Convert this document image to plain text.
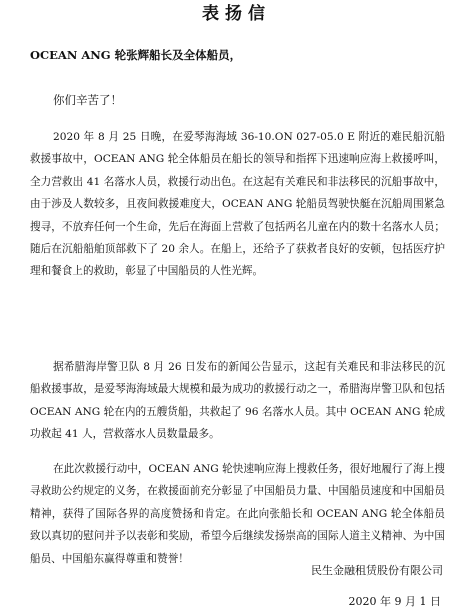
表扬信
OCEAN ANG 轮张辉船长及全体船员，
你们辛苦了！

2020 年 8 月 25 日晚，在爱琴海海域 36-10.ON 027-05.0 E 附近的难民船沉船救援事故中，OCEAN ANG 轮全体船员在船长的领导和指挥下迅速响应海上救援呼叫，全力营救出 41 名落水人员，救援行动出色。在这起有关难民和非法移民的沉船事故中，由于涉及人数较多，且夜间救援难度大，OCEAN ANG 轮船员驾驶快艇在沉船周围紧急搜寻，不放弃任何一个生命，先后在海面上营救了包括两名儿童在内的数十名落水人员；随后在沉船船舶顶部救下了 20 余人。在船上，还给予了获救者良好的安顿，包括医疗护理和餐食上的救助，彰显了中国船员的人性光辉。

据希腊海岸警卫队 8 月 26 日发布的新闻公告显示，这起有关难民和非法移民的沉船救援事故，是爱琴海海域最大规模和最为成功的救援行动之一，希腊海岸警卫队和包括 OCEAN ANG 轮在内的五艘货船，共救起了 96 名落水人员。其中 OCEAN ANG 轮成功救起 41 人，营救落水人员数量最多。

在此次救援行动中，OCEAN ANG 轮快速响应海上搜救任务，很好地履行了海上搜寻救助公约规定的义务，在救援面前充分彰显了中国船员力量、中国船员速度和中国船员精神，获得了国际各界的高度赞扬和肯定。在此向张船长和 OCEAN ANG 轮全体船员致以真切的慰问并予以表彰和奖励，希望今后继续发扬崇高的国际人道主义精神、为中国船员、中国船东赢得尊重和赞誉！

民生金融租赁股份有限公司
2020 年 9 月 1 日
